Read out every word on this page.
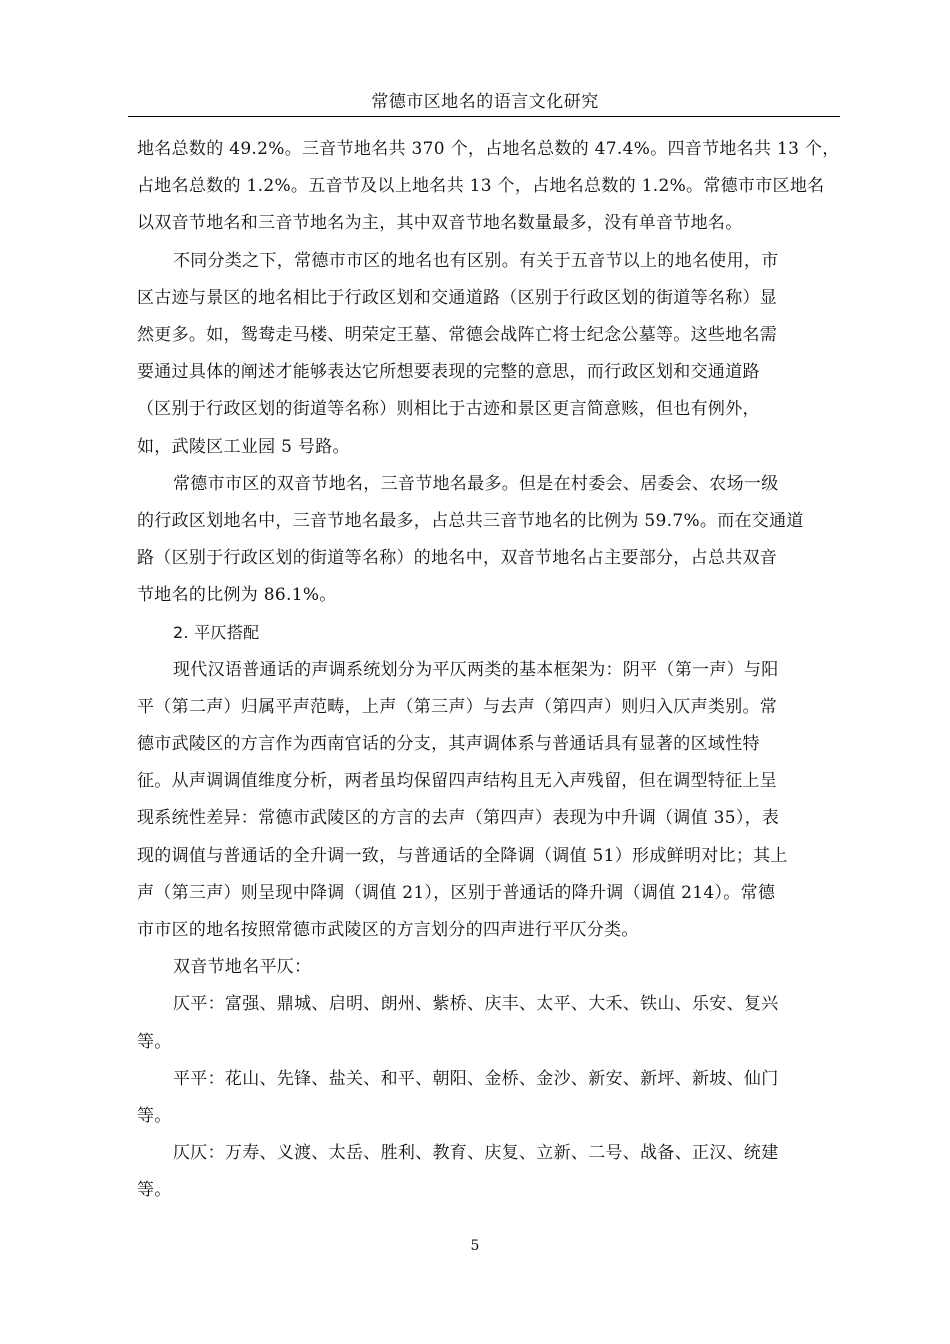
常德市区地名的语言文化研究
地名总数的 49.2%。三音节地名共 370 个，占地名总数的 47.4%。四音节地名共 13 个，
占地名总数的 1.2%。五音节及以上地名共 13 个，占地名总数的 1.2%。常德市市区地名
以双音节地名和三音节地名为主，其中双音节地名数量最多，没有单音节地名。
不同分类之下，常德市市区的地名也有区别。有关于五音节以上的地名使用，市
区古迹与景区的地名相比于行政区划和交通道路（区别于行政区划的街道等名称）显
然更多。如，鸳鸯走马楼、明荣定王墓、常德会战阵亡将士纪念公墓等。这些地名需
要通过具体的阐述才能够表达它所想要表现的完整的意思，而行政区划和交通道路
（区别于行政区划的街道等名称）则相比于古迹和景区更言简意赅，但也有例外，
如，武陵区工业园 5 号路。
常德市市区的双音节地名，三音节地名最多。但是在村委会、居委会、农场一级
的行政区划地名中，三音节地名最多，占总共三音节地名的比例为 59.7%。而在交通道
路（区别于行政区划的街道等名称）的地名中，双音节地名占主要部分，占总共双音
节地名的比例为 86.1%。
2. 平仄搭配
现代汉语普通话的声调系统划分为平仄两类的基本框架为：阴平（第一声）与阳
平（第二声）归属平声范畴，上声（第三声）与去声（第四声）则归入仄声类别。常
德市武陵区的方言作为西南官话的分支，其声调体系与普通话具有显著的区域性特
征。从声调调值维度分析，两者虽均保留四声结构且无入声残留，但在调型特征上呈
现系统性差异：常德市武陵区的方言的去声（第四声）表现为中升调（调值 35），表
现的调值与普通话的全升调一致，与普通话的全降调（调值 51）形成鲜明对比；其上
声（第三声）则呈现中降调（调值 21），区别于普通话的降升调（调值 214）。常德
市市区的地名按照常德市武陵区的方言划分的四声进行平仄分类。
双音节地名平仄：
仄平：富强、鼎城、启明、朗州、紫桥、庆丰、太平、大禾、铁山、乐安、复兴
等。
平平：花山、先锋、盐关、和平、朝阳、金桥、金沙、新安、新坪、新坡、仙门
等。
仄仄：万寿、义渡、太岳、胜利、教育、庆复、立新、二号、战备、正汉、统建
等。
5
